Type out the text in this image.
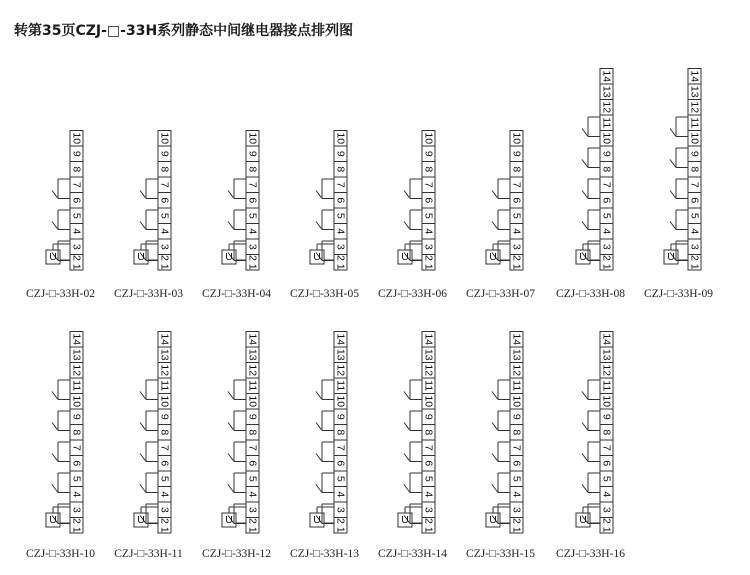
转第35页CZJ-□-33H系列静态中间继电器接点排列图
2 1
3
4
5
6
7
8
9
10
U
CZJ-□-33H-02
2 1
3
4
5
6
7
8
9
10
U
CZJ-□-33H-03
2 1
3
4
5
6
7
8
9
10
U
CZJ-□-33H-04
2 1
3
4
5
6
7
8
9
10
U
CZJ-□-33H-05
2 1
3
4
5
6
7
8
9
10
U
CZJ-□-33H-06
2 1
3
4
5
6
7
8
9
10
U
CZJ-□-33H-07
2 1
3
4
5
6
7
8
9
10
11
12
13
14
U
CZJ-□-33H-08
2 1
3
4
5
6
7
8
9
10
11
12
13
14
U
CZJ-□-33H-09
2 1
3
4
5
6
7
8
9
10
11
12
13
14
U
CZJ-□-33H-10
2 1
3
4
5
6
7
8
9
10
11
12
13
14
U
CZJ-□-33H-11
2 1
3
4
5
6
7
8
9
10
11
12
13
14
U
CZJ-□-33H-12
2 1
3
4
5
6
7
8
9
10
11
12
13
14
U
CZJ-□-33H-13
2 1
3
4
5
6
7
8
9
10
11
12
13
14
U
CZJ-□-33H-14
2 1
3
4
5
6
7
8
9
10
11
12
13
14
U
CZJ-□-33H-15
2 1
3
4
5
6
7
8
9
10
11
12
13
14
U
CZJ-□-33H-16
